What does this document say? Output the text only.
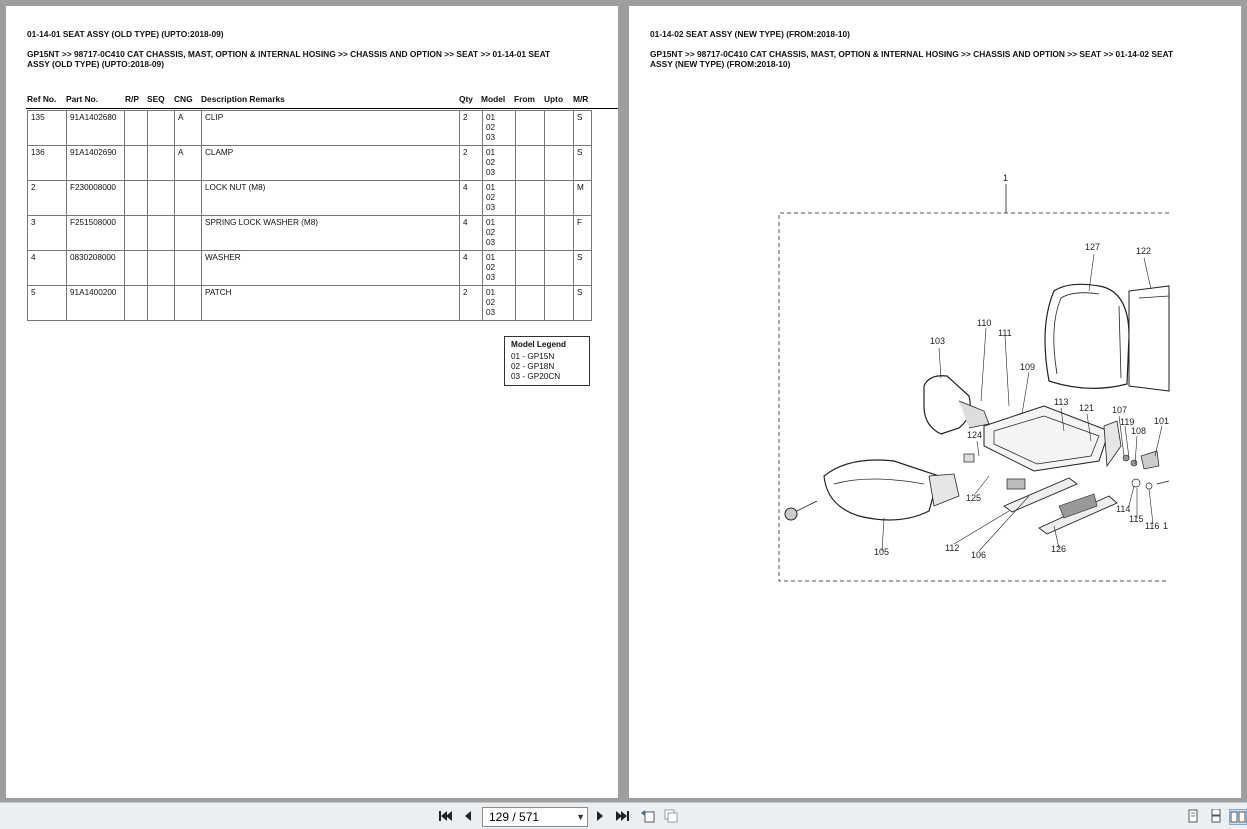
01-14-01 SEAT ASSY (OLD TYPE) (UPTO:2018-09)
GP15NT >> 98717-0C410 CAT CHASSIS, MAST, OPTION & INTERNAL HOSING >> CHASSIS AND OPTION >> SEAT >> 01-14-01 SEAT
ASSY (OLD TYPE) (UPTO:2018-09)
Ref No. Part No.	R/P SEQ CNG Description Remarks	Qty Model From Upto M/R
135	91A1402680			A	CLIP	2	01
02
03			S
136	91A1402690			A	CLAMP	2	01
02
03			S
2	F230008000				LOCK NUT (M8)	4	01
02
03			M
3	F251508000				SPRING LOCK WASHER (M8)	4	01
02
03			F
4	0830208000				WASHER	4	01
02
03			S
5	91A1400200				PATCH	2	01
02
03			S
Model Legend
01 - GP15N
02 - GP18N
03 - GP20CN
01-14-02 SEAT ASSY (NEW TYPE) (FROM:2018-10)
GP15NT >> 98717-0C410 CAT CHASSIS, MAST, OPTION & INTERNAL HOSING >> CHASSIS AND OPTION >> SEAT >> 01-14-02 SEAT
ASSY (NEW TYPE) (FROM:2018-10)
1
127	122
110
111
103
109
113
121 107
119 101
108
124
125
114
115
116 1
112
106
126
105
129 / 571	▼
